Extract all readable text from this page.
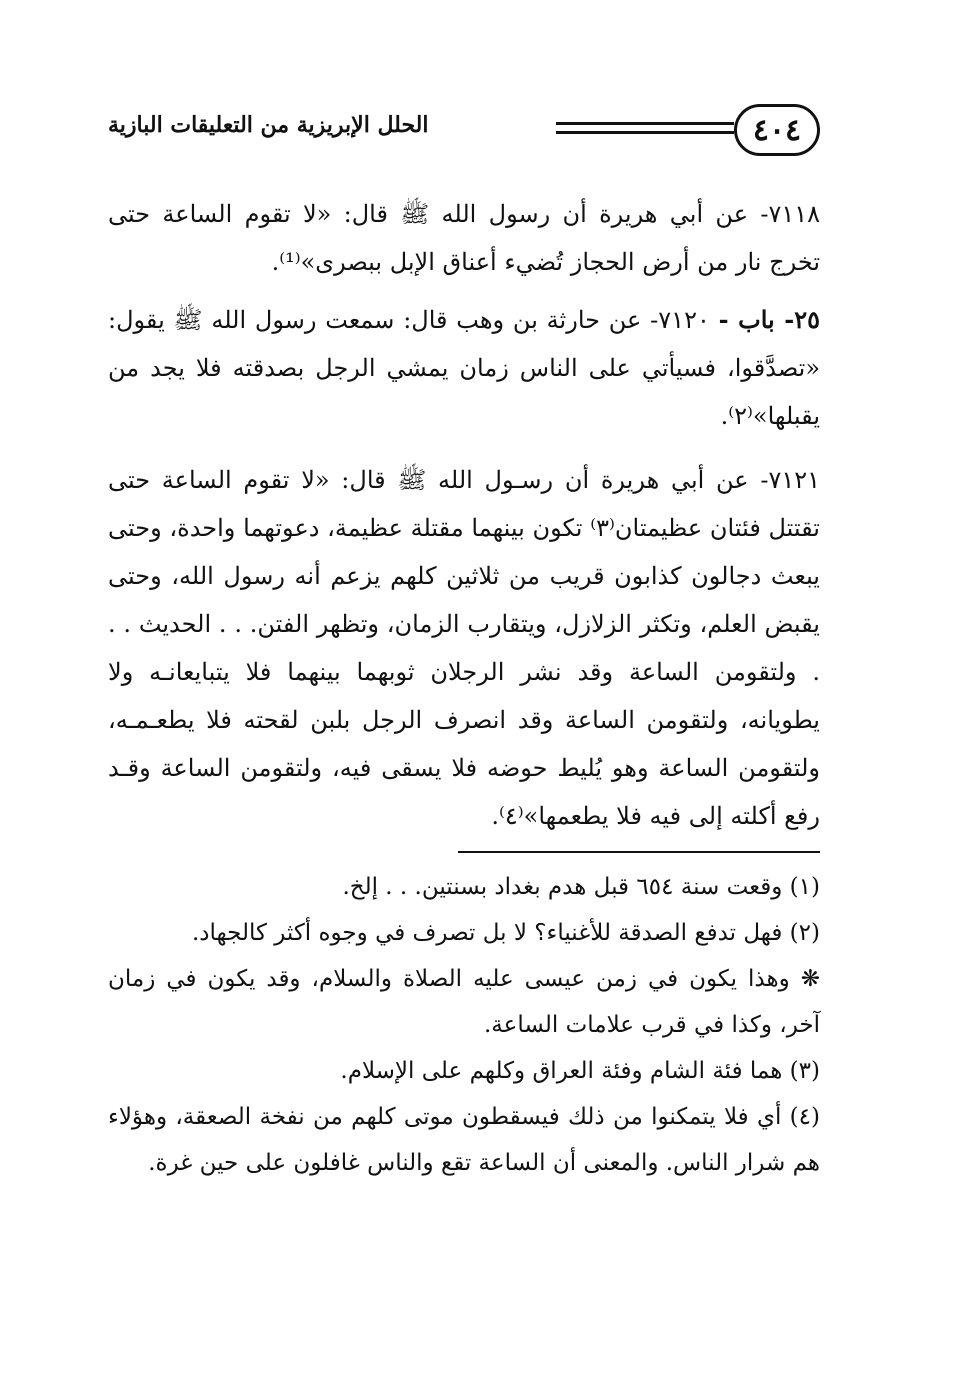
٤٠٤
الحلل الإبريزية من التعليقات البازية

٧١١٨- عن أبي هريرة أن رسول الله ﷺ قال: «لا تقوم الساعة حتى تخرج نار من أرض الحجاز تُضيء أعناق الإبل ببصرى»⁽¹⁾.

٢٥- باب - ٧١٢٠- عن حارثة بن وهب قال: سمعت رسول الله ﷺ يقول: «تصدَّقوا، فسيأتي على الناس زمان يمشي الرجل بصدقته فلا يجد من يقبلها»⁽٢⁾.

٧١٢١- عن أبي هريرة أن رسـول الله ﷺ قال: «لا تقوم الساعة حتى تقتتل فئتان عظيمتان⁽٣⁾ تكون بينهما مقتلة عظيمة، دعوتهما واحدة، وحتى يبعث دجالون كذابون قريب من ثلاثين كلهم يزعم أنه رسول الله، وحتى يقبض العلم، وتكثر الزلازل، ويتقارب الزمان، وتظهر الفتن. . . الحديث . . . ولتقومن الساعة وقد نشر الرجلان ثوبهما بينهما فلا يتبايعانـه ولا يطويانه، ولتقومن الساعة وقد انصرف الرجل بلبن لقحته فلا يطعـمـه، ولتقومن الساعة وهو يُليط حوضه فلا يسقى فيه، ولتقومن الساعة وقـد رفع أكلته إلى فيه فلا يطعمها»⁽٤⁾.

(١) وقعت سنة ٦٥٤ قبل هدم بغداد بسنتين. . . إلخ.

(٢) فهل تدفع الصدقة للأغنياء؟ لا بل تصرف في وجوه أكثر كالجهاد.

❋ وهذا يكون في زمن عيسى عليه الصلاة والسلام، وقد يكون في زمان آخر، وكذا في قرب علامات الساعة.

(٣) هما فئة الشام وفئة العراق وكلهم على الإسلام.

(٤) أي فلا يتمكنوا من ذلك فيسقطون موتى كلهم من نفخة الصعقة، وهؤلاء هم شرار الناس. والمعنى أن الساعة تقع والناس غافلون على حين غرة.
